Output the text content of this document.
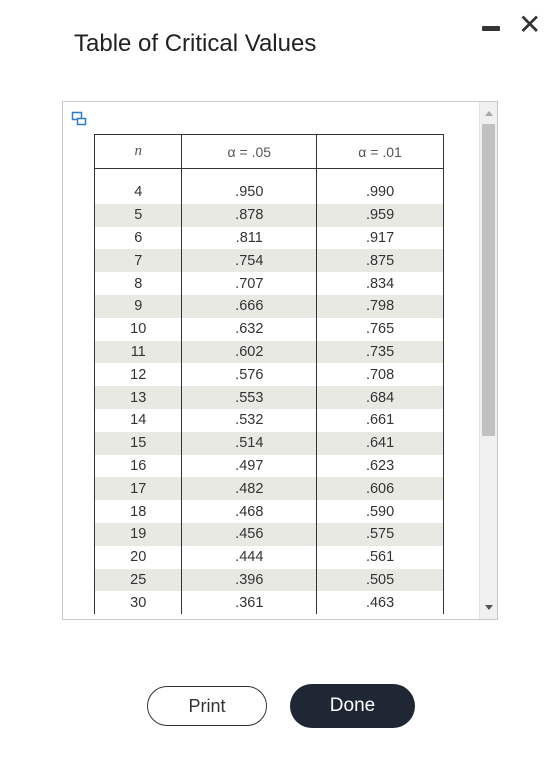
Table of Critical Values
✕
n	α = .05	α = .01

4	.950	.990
5	.878	.959
6	.811	.917
7	.754	.875
8	.707	.834
9	.666	.798
10	.632	.765
11	.602	.735
12	.576	.708
13	.553	.684
14	.532	.661
15	.514	.641
16	.497	.623
17	.482	.606
18	.468	.590
19	.456	.575
20	.444	.561
25	.396	.505
30	.361	.463
Print	Done
